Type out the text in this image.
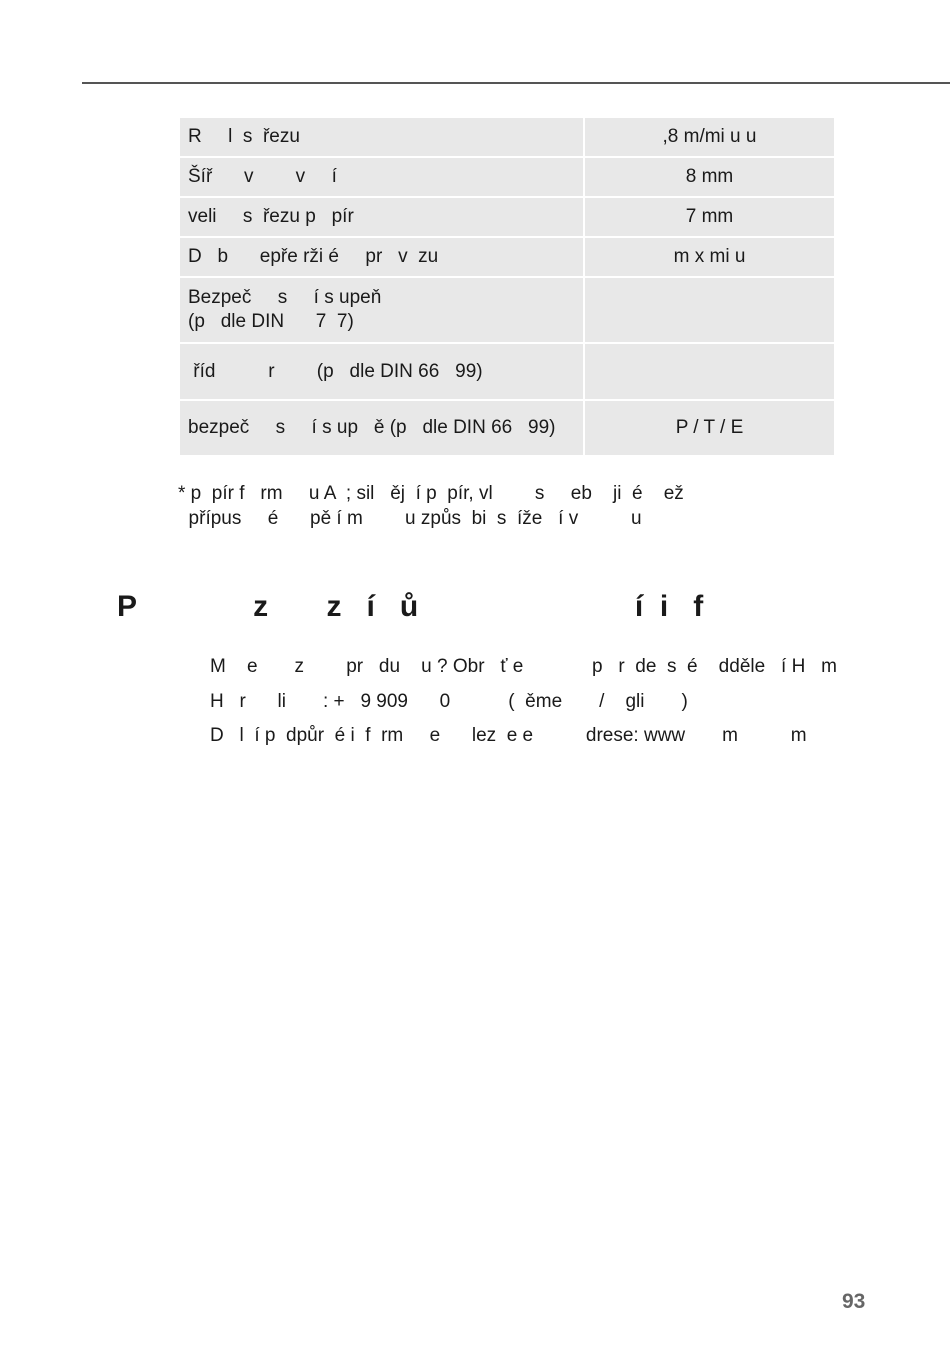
R     l  s  řezu	,8 m/mi u u

Šíř      v        v     í	8 mm

veli     s  řezu p   pír	7 mm

D   b      epře rži é     pr   v  zu	m x mi u

Bezpeč     s     í s upeň
(p   dle DIN      7  7)	

říd          r        (p   dle DIN 66   99)	

bezpeč     s     í s up   ě (p   dle DIN 66   99)	P / T / E
* p  pír f   rm     u A  ; sil   ěj  í p  pír, vl        s     eb    ji  é    ež
přípus     é      pě í m        u způs  bi  s  íže   í v          u
P              z       z   í   ů                          í  i   f
M    e       z        pr   du    u ? Obr   ť e             p   r  de  s  é    dděle   í H   m
H   r      li       : +   9 909      0           (  ěme       /    gli       )
D   l  í p  dpůr  é i  f  rm     e      lez  e e          drese: www       m          m
93
